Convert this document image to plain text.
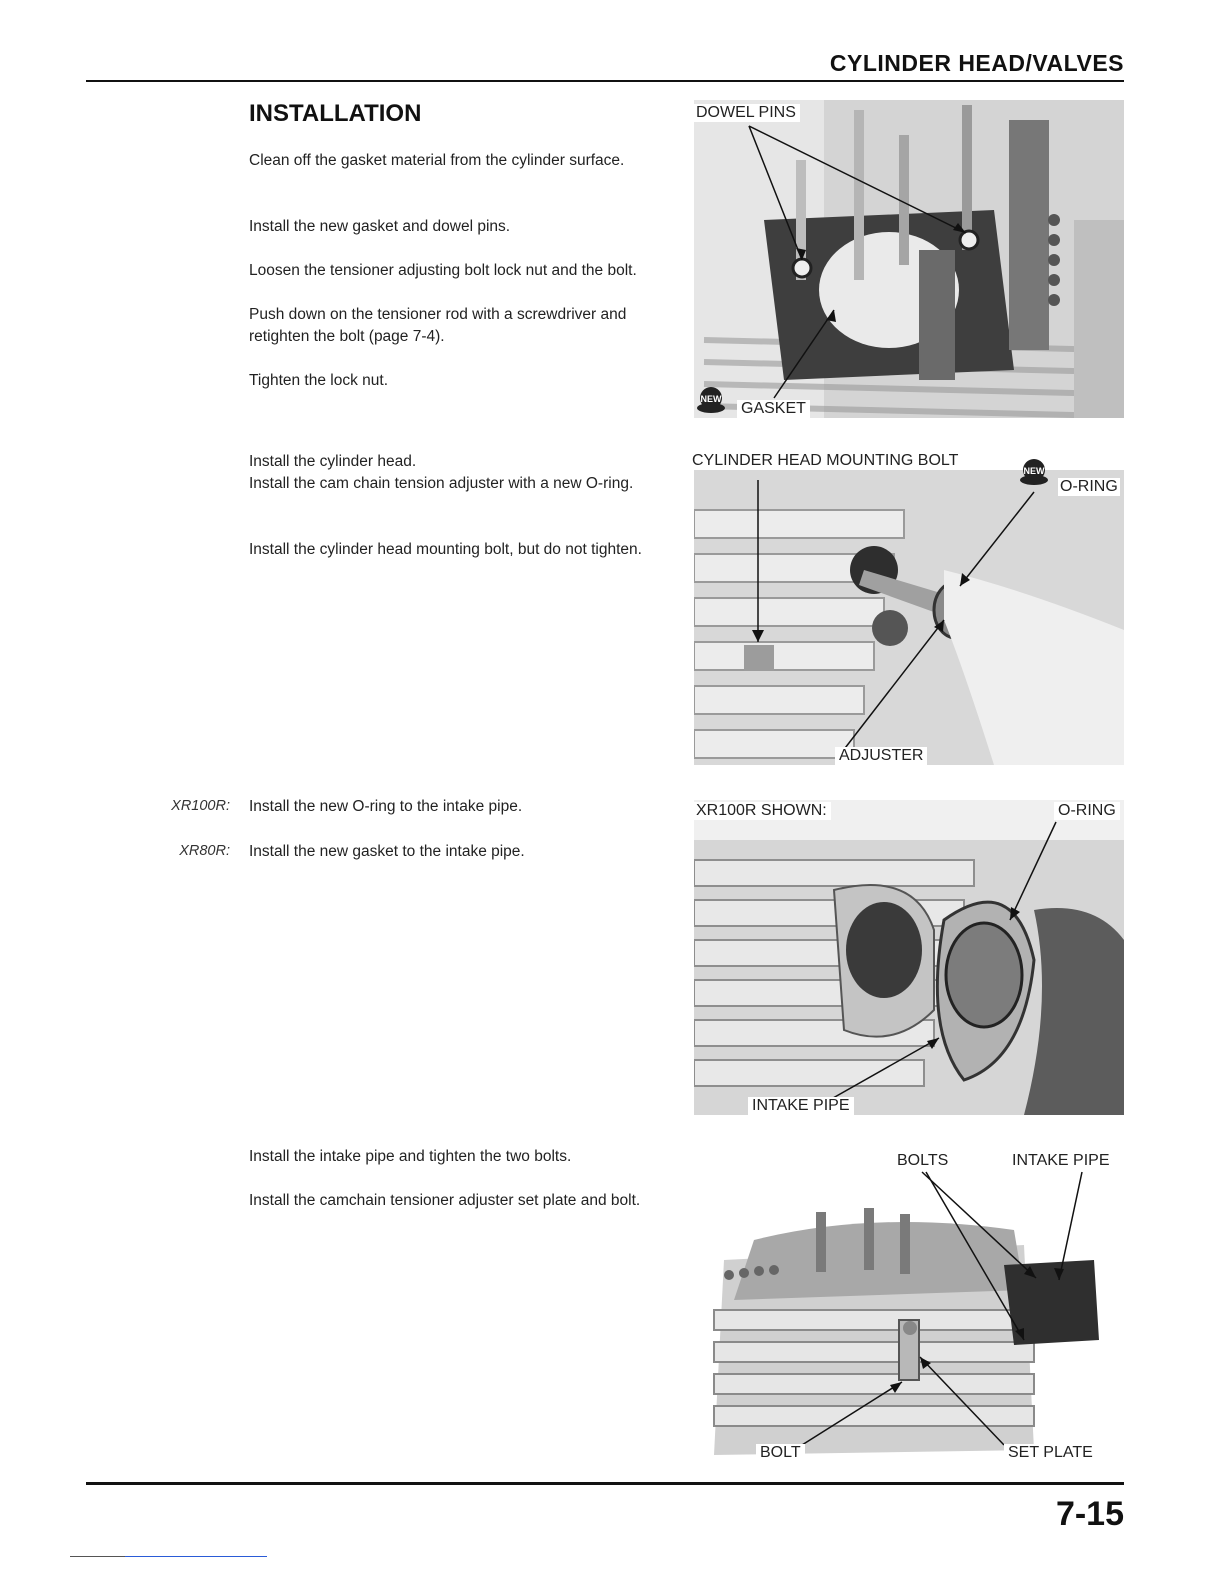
CYLINDER HEAD/VALVES
INSTALLATION

Clean off the gasket material from the cylinder surface.

Install the new gasket and dowel pins.

Loosen the tensioner adjusting bolt lock nut and the bolt.

Push down on the tensioner rod with a screwdriver and retighten the bolt (page 7-4).

Tighten the lock nut.

Install the cylinder head.

Install the cam chain tension adjuster with a new O-ring.

Install the cylinder head mounting bolt, but do not tighten.

XR100R: Install the new O-ring to the intake pipe.

XR80R: Install the new gasket to the intake pipe.

Install the intake pipe and tighten the two bolts.

Install the camchain tensioner adjuster set plate and bolt.

DOWEL PINS
NEW
GASKET
CYLINDER HEAD MOUNTING BOLT
NEW
O-RING
ADJUSTER
XR100R SHOWN:	O-RING
INTAKE PIPE
BOLTS	INTAKE PIPE
BOLT	SET PLATE
7-15
